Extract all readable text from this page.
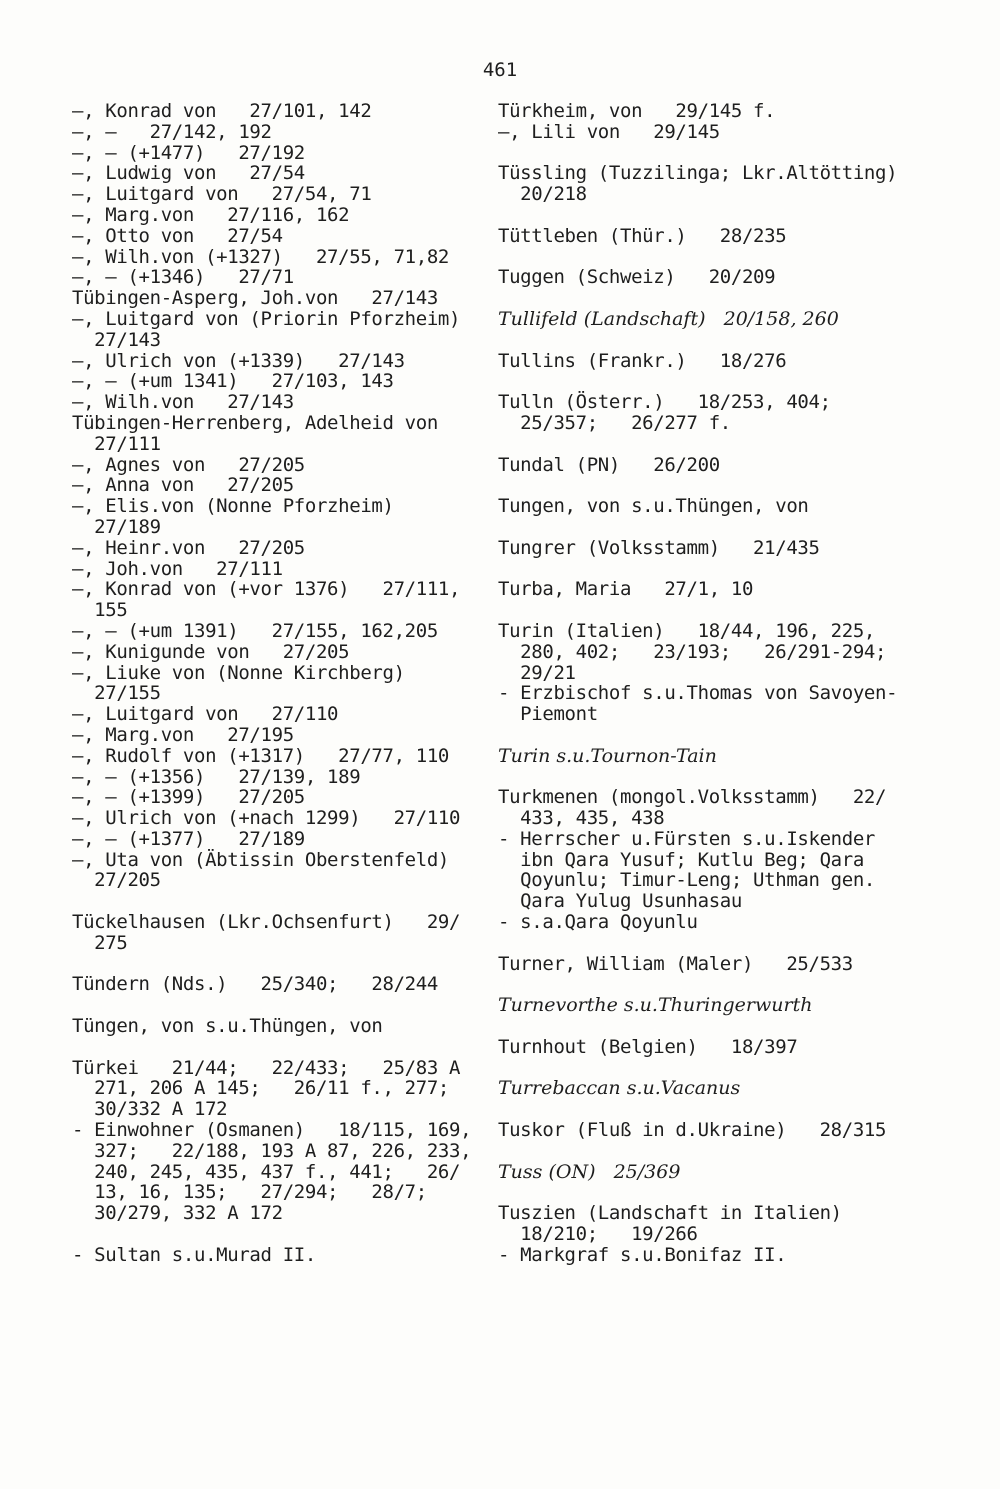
461
—, Konrad von   27/101, 142
—, —   27/142, 192
—, — (+1477)   27/192
—, Ludwig von   27/54
—, Luitgard von   27/54, 71
—, Marg.von   27/116, 162
—, Otto von   27/54
—, Wilh.von (+1327)   27/55, 71,82
—, — (+1346)   27/71
Tübingen-Asperg, Joh.von   27/143
—, Luitgard von (Priorin Pforzheim)
27/143
—, Ulrich von (+1339)   27/143
—, — (+um 1341)   27/103, 143
—, Wilh.von   27/143
Tübingen-Herrenberg, Adelheid von
27/111
—, Agnes von   27/205
—, Anna von   27/205
—, Elis.von (Nonne Pforzheim)
27/189
—, Heinr.von   27/205
—, Joh.von   27/111
—, Konrad von (+vor 1376)   27/111,
155
—, — (+um 1391)   27/155, 162,205
—, Kunigunde von   27/205
—, Liuke von (Nonne Kirchberg)
27/155
—, Luitgard von   27/110
—, Marg.von   27/195
—, Rudolf von (+1317)   27/77, 110
—, — (+1356)   27/139, 189
—, — (+1399)   27/205
—, Ulrich von (+nach 1299)   27/110
—, — (+1377)   27/189
—, Uta von (Äbtissin Oberstenfeld)
27/205
Tückelhausen (Lkr.Ochsenfurt)   29/
275
Tündern (Nds.)   25/340;   28/244
Tüngen, von s.u.Thüngen, von
Türkei   21/44;   22/433;   25/83 A
271, 206 A 145;   26/11 f., 277;
30/332 A 172
- Einwohner (Osmanen)   18/115, 169,
327;   22/188, 193 A 87, 226, 233,
240, 245, 435, 437 f., 441;   26/
13, 16, 135;   27/294;   28/7;
30/279, 332 A 172
- Sultan s.u.Murad II.
Türkheim, von   29/145 f.
—, Lili von   29/145
Tüssling (Tuzzilinga; Lkr.Altötting)
20/218
Tüttleben (Thür.)   28/235
Tuggen (Schweiz)   20/209
Tullifeld (Landschaft)   20/158, 260
Tullins (Frankr.)   18/276
Tulln (Österr.)   18/253, 404;
25/357;   26/277 f.
Tundal (PN)   26/200
Tungen, von s.u.Thüngen, von
Tungrer (Volksstamm)   21/435
Turba, Maria   27/1, 10
Turin (Italien)   18/44, 196, 225,
280, 402;   23/193;   26/291-294;
29/21
- Erzbischof s.u.Thomas von Savoyen-
Piemont
Turin s.u.Tournon-Tain
Turkmenen (mongol.Volksstamm)   22/
433, 435, 438
- Herrscher u.Fürsten s.u.Iskender
ibn Qara Yusuf; Kutlu Beg; Qara
Qoyunlu; Timur-Leng; Uthman gen.
Qara Yulug Usunhasau
- s.a.Qara Qoyunlu
Turner, William (Maler)   25/533
Turnevorthe s.u.Thuringerwurth
Turnhout (Belgien)   18/397
Turrebaccan s.u.Vacanus
Tuskor (Fluß in d.Ukraine)   28/315
Tuss (ON)   25/369
Tuszien (Landschaft in Italien)
18/210;   19/266
- Markgraf s.u.Bonifaz II.
